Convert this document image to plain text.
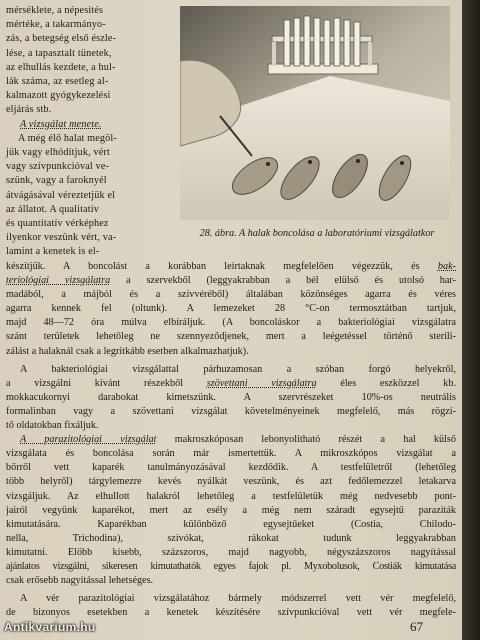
mérséklete, a népesités
mértéke, a takarmányo-
zás, a betegség első észle-
lése, a tapasztalt tünetek,
az elhullás kezdete, a hul-
lák száma, az esetleg al-
kalmazott gyógykezelési
eljárás stb.
A vizsgálat menete.
A még élő halat megöl-
jük vagy elhódítjuk, vért
vagy szívpunkcióval ve-
szünk, vagy a faroknyél
átvágásával véreztetjük el
az állatot. A qualitatív
és quantitatív vérképhez
ilyenkor veszünk vért, va-
lamint a kenetek is el-
28. ábra. A halak boncolása a laboratóriumi vizsgálatkor
készítjük. A boncolást a korábban leírtaknak megfelelően végezzük, és bak-
teriológiai vizsgálatra a szervekből (leggyakrabban a bél elülső és utolsó har-
madából, a májból és a szívvéréből) általában közönséges agarra és véres
agarra kennek fel (oltunk). A lemezeket 28 °C-on termosztátban tartjuk,
majd 48—72 óra múlva elbíráljuk. (A boncoláskor a bakteriológiai vizsgálatra
szánt területek lehetőleg ne szennyeződjenek, mert a leégetéssel történő sterili-
zálást a halaknál csak a legritkább esetben alkalmazhatjuk).
A bakteriológiai vizsgálattal párhuzamosan a szóban forgó helyekről,
a vizsgálni kívánt részekből szövettani vizsgálatra éles eszközzel kb.
mokkacukornyi darabokat kimetszünk. A szervrészeket 10%-os neutrális
formalinban vagy a szövettani vizsgálat követelményeinek megfelelő, más rögzí-
tő oldatokban fixáljuk.
A parazitológiai vizsgálat makroszkóposan lebonyolítható részét a hal külső
vizsgálata és boncolása során már ismertettük. A mikroszkópos vizsgálat a
bőrről vett kaparék tanulmányozásával kezdődik. A testfelületről (lehetőleg
több helyről) tárgylemezre kevés nyálkát veszünk, és azt fedőlemezzel letakarva
vizsgáljuk. Az elhullott halakról lehetőleg a testfelületük még nedvesebb pont-
jairól vegyünk kaparékot, mert az esély a még nem száradt egysejtű paraziták
kimutatására. Kaparékban különböző egysejtűeket (Costia, Chilodo-
nella, Trichodina), szívókat, rákokat tudunk leggyakrabban
kimutatni. Elöbb kisebb, százszoros, majd nagyobb, négyszázszoros nagyítással
ajánlatos vizsgálni, sikeresen kimutathatók egyes fajok pl. Myxobolusok, Costiák kimutatása
csak erősebb nagyítással lehetséges.
A vér parazitológiai vizsgálatához bármely módszerrel vett vér megfelelő,
de bizonyos esetekben a kenetek készítésére szívpunkcióval vett vér megfele-
67
Antikvarium.hu
